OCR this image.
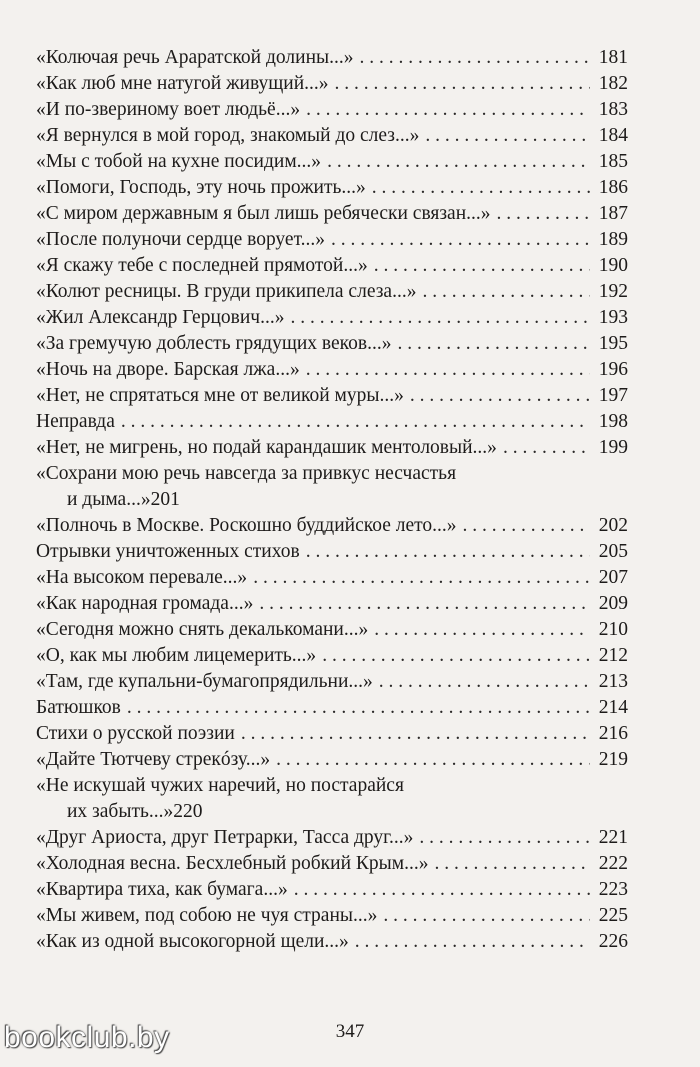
«Колючая речь Араратской долины...» . . .	181
«Как люб мне натугой живущий...» . . .	182
«И по-звериному воет людьё...» . . .	183
«Я вернулся в мой город, знакомый до слез...» . . .	184
«Мы с тобой на кухне посидим...» . . .	185
«Помоги, Господь, эту ночь прожить...» . . .	186
«С миром державным я был лишь ребячески связан...» . . .	187
«После полуночи сердце ворует...» . . .	189
«Я скажу тебе с последней прямотой...» . . .	190
«Колют ресницы. В груди прикипела слеза...» . . .	192
«Жил Александр Герцович...» . . .	193
«За гремучую доблесть грядущих веков...» . . .	195
«Ночь на дворе. Барская лжа...» . . .	196
«Нет, не спрятаться мне от великой муры...» . . .	197
Неправда . . .	198
«Нет, не мигрень, но подай карандашик ментоловый...» . . .	199
«Сохрани мою речь навсегда за привкус несчастья
и дыма...» 201
«Полночь в Москве. Роскошно буддийское лето...» . . .	202
Отрывки уничтоженных стихов . . .	205
«На высоком перевале...» . . .	207
«Как народная громада...» . . .	209
«Сегодня можно снять декалькомани...» . . .	210
«О, как мы любим лицемерить...» . . .	212
«Там, где купальни-бумагопрядильни...» . . .	213
Батюшков . . .	214
Стихи о русской поэзии . . .	216
«Дайте Тютчеву стрекóзу...» . . .	219
«Не искушай чужих наречий, но постарайся
их забыть...» 220
«Друг Ариоста, друг Петрарки, Тасса друг...» . . .	221
«Холодная весна. Бесхлебный робкий Крым...» . . .	222
«Квартира тиха, как бумага...» . . .	223
«Мы живем, под собою не чуя страны...» . . .	225
«Как из одной высокогорной щели...» . . .	226
347
bookclub.by
